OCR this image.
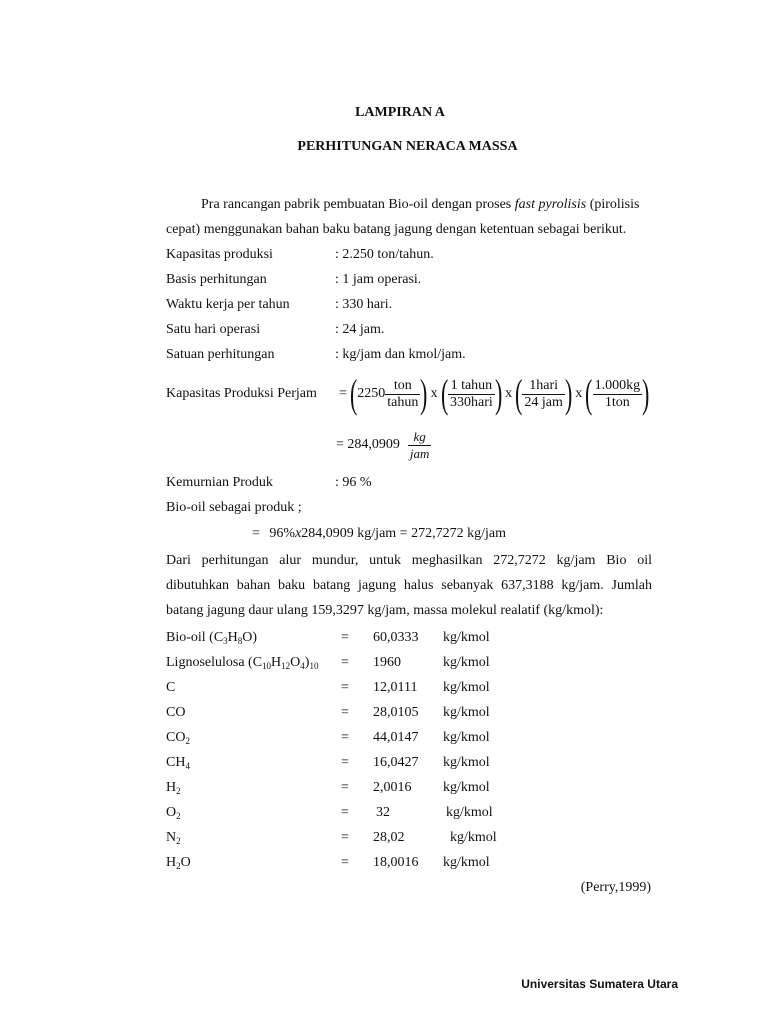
LAMPIRAN A
PERHITUNGAN NERACA MASSA
Pra rancangan pabrik pembuatan Bio-oil dengan proses fast pyrolisis (pirolisis
cepat) menggunakan bahan baku batang jagung dengan ketentuan sebagai berikut.
Kapasitas produksi	: 2.250 ton/tahun.
Basis perhitungan	: 1 jam operasi.
Waktu kerja per tahun	: 330 hari.
Satu hari operasi	: 24 jam.
Satuan perhitungan	: kg/jam dan kmol/jam.
Kapasitas Produksi Perjam = ( $2250 \frac{\text{ton}}{\text{tahun}}$ ) x ( $\frac{\text{1 tahun}}{\text{330hari}}$ ) x ( $\frac{\text{1hari}}{\text{24 jam}}$ ) x ( $\frac{1.000kg}{\text{1ton}}$ )
= $284,0909 \frac{kg}{\text{jam}}$
Kemurnian Produk	: 96 %
Bio-oil sebagai produk ;
= 96%x284,0909 kg/jam = 272,7272 kg/jam
Dari perhitungan alur mundur, untuk meghasilkan 272,7272 kg/jam Bio oil
dibutuhkan bahan baku batang jagung halus sebanyak 637,3188 kg/jam. Jumlah
batang jagung daur ulang 159,3297 kg/jam, massa molekul realatif (kg/kmol):
Bio-oil $(C_3H_8O)$	= 60,0333 kg/kmol
Lignoselulosa $(C_{10}H_{12}O_4)_{10} = 1960$	kg/kmol
C	= 12,0111 kg/kmol
CO	= 28,0105 kg/kmol
$CO_2$	= 44,0147 kg/kmol
$CH_4$	= 16,0427 kg/kmol
$H_2$	= 2,0016 kg/kmol
$O_2$	= 32	kg/kmol
$N_2$	= 28,02	kg/kmol
$H_2O$	= 18,0016 kg/kmol
(Perry,1999)
Universitas Sumatera Utara
